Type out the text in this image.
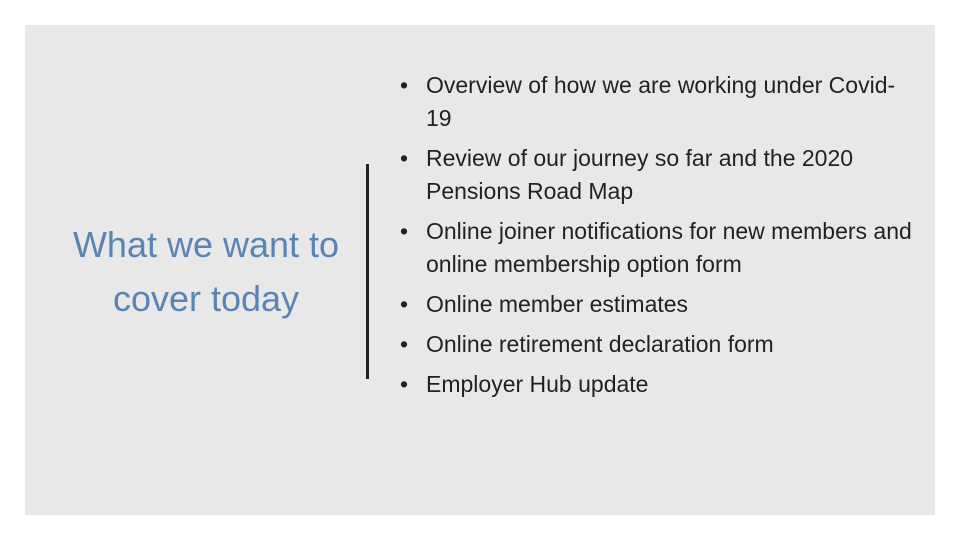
What we want to cover today
• Overview of how we are working under Covid-19
• Review of our journey so far and the 2020 Pensions Road Map
• Online joiner notifications for new members and online membership option form
• Online member estimates
• Online retirement declaration form
• Employer Hub update
